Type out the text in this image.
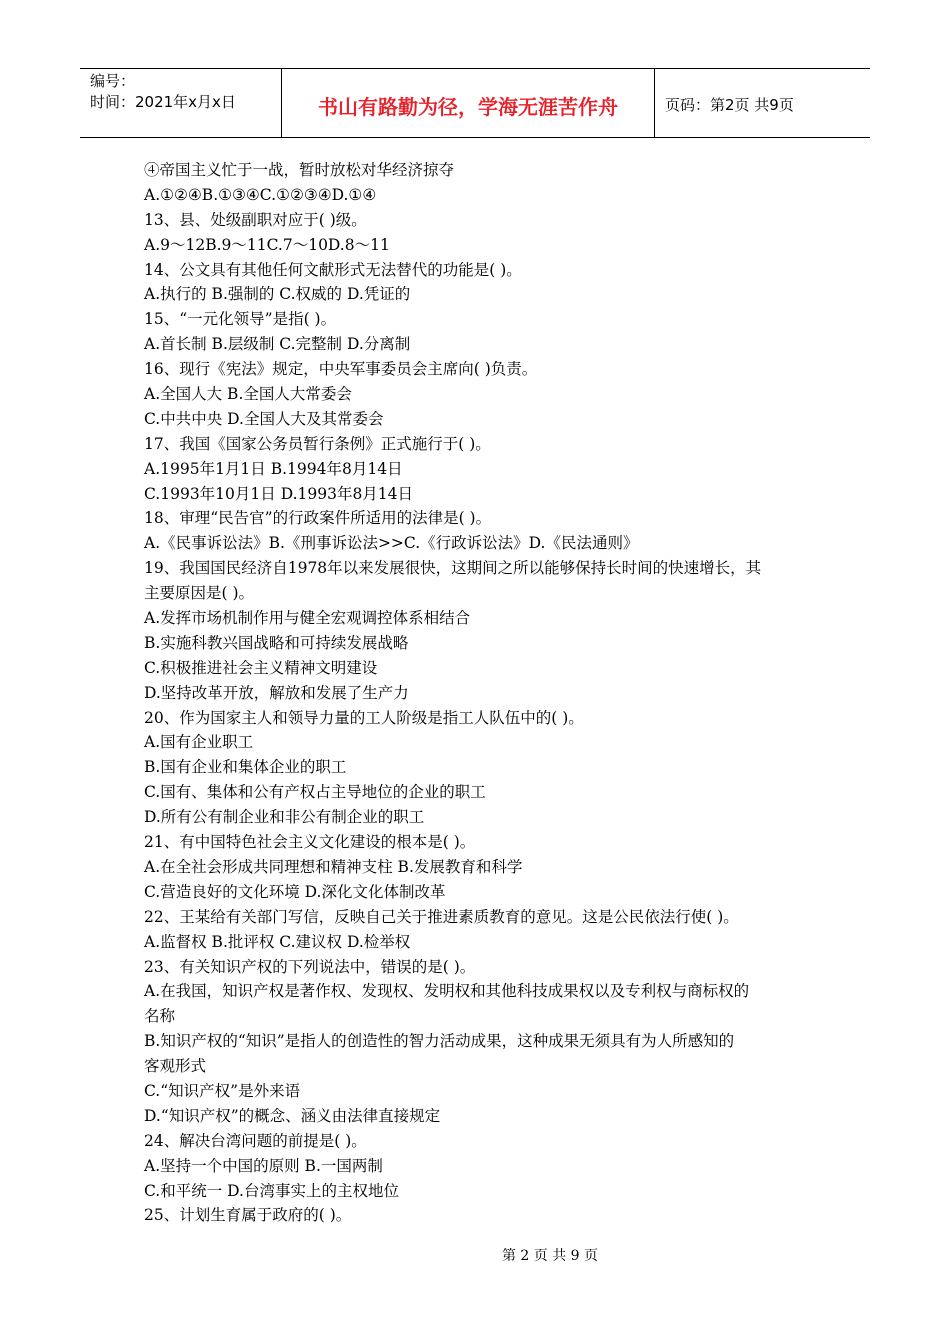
编号：
时间：2021年x月x日	书山有路勤为径，学海无涯苦作舟	页码：第2页 共9页
④帝国主义忙于一战，暂时放松对华经济掠夺
A.①②④B.①③④C.①②③④D.①④
13、县、处级副职对应于( )级。
A.9～12B.9～11C.7～10D.8～11
14、公文具有其他任何文献形式无法替代的功能是( )。
A.执行的 B.强制的 C.权威的 D.凭证的
15、“一元化领导”是指( )。
A.首长制 B.层级制 C.完整制 D.分离制
16、现行《宪法》规定，中央军事委员会主席向( )负责。
A.全国人大 B.全国人大常委会
C.中共中央 D.全国人大及其常委会
17、我国《国家公务员暂行条例》正式施行于( )。
A.1995年1月1日 B.1994年8月14日
C.1993年10月1日 D.1993年8月14日
18、审理“民告官”的行政案件所适用的法律是( )。
A.《民事诉讼法》B.《刑事诉讼法>>C.《行政诉讼法》D.《民法通则》
19、我国国民经济自1978年以来发展很快，这期间之所以能够保持长时间的快速增长，其
主要原因是( )。
A.发挥市场机制作用与健全宏观调控体系相结合
B.实施科教兴国战略和可持续发展战略
C.积极推进社会主义精神文明建设
D.坚持改革开放，解放和发展了生产力
20、作为国家主人和领导力量的工人阶级是指工人队伍中的( )。
A.国有企业职工
B.国有企业和集体企业的职工
C.国有、集体和公有产权占主导地位的企业的职工
D.所有公有制企业和非公有制企业的职工
21、有中国特色社会主义文化建设的根本是( )。
A.在全社会形成共同理想和精神支柱 B.发展教育和科学
C.营造良好的文化环境 D.深化文化体制改革
22、王某给有关部门写信，反映自己关于推进素质教育的意见。这是公民依法行使( )。
A.监督权 B.批评权 C.建议权 D.检举权
23、有关知识产权的下列说法中，错误的是( )。
A.在我国，知识产权是著作权、发现权、发明权和其他科技成果权以及专利权与商标权的
名称
B.知识产权的“知识”是指人的创造性的智力活动成果，这种成果无须具有为人所感知的
客观形式
C.“知识产权”是外来语
D.“知识产权”的概念、涵义由法律直接规定
24、解决台湾问题的前提是( )。
A.坚持一个中国的原则 B.一国两制
C.和平统一 D.台湾事实上的主权地位
25、计划生育属于政府的( )。
第 2 页 共 9 页
